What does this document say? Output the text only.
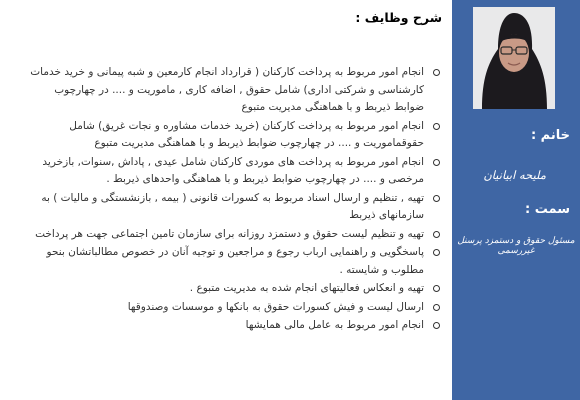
شرح وظایف :
انجام امور مربوط به پرداخت کارکنان ( قرارداد انجام کارمعین و شبه پیمانی و خرید خدمات کارشناسی و شرکتی اداری) شامل حقوق , اضافه کاری , ماموریت و .... در چهارچوب ضوابط ذیربط و با هماهنگی مدیریت متبوع
انجام امور مربوط به پرداخت کارکنان (خرید خدمات مشاوره و نجات غریق) شامل حقوقماموریت و .... در چهارچوب ضوابط ذیربط و با هماهنگی مدیریت متبوع
انجام امور مربوط به پرداخت های موردی کارکنان شامل عیدی , پاداش ,سنوات, بازخرید مرخصی و .... در چهارچوب ضوابط ذیربط و با هماهنگی واحدهای ذیربط .
تهیه , تنظیم و ارسال اسناد مربوط به کسورات قانونی ( بیمه , بازنشستگی و مالیات ) به سازمانهای ذیربط
تهیه و تنظیم لیست حقوق و دستمزد روزانه برای سازمان تامین اجتماعی جهت هر پرداخت
پاسخگویی و راهنمایی ارباب رجوع و مراجعین و توجیه آنان در خصوص مطالباتشان بنحو مطلوب و شایسته .
تهیه و انعکاس فعالیتهای انجام شده به مدیریت متبوع .
ارسال لیست و فیش کسورات حقوق به بانکها و موسسات وصندوقها
انجام امور مربوط به عامل مالی همایشها
خانم :
ملیحه ابیانیان
سمت :
مسئول حقوق و دستمزد پرسنل غیررسمی
